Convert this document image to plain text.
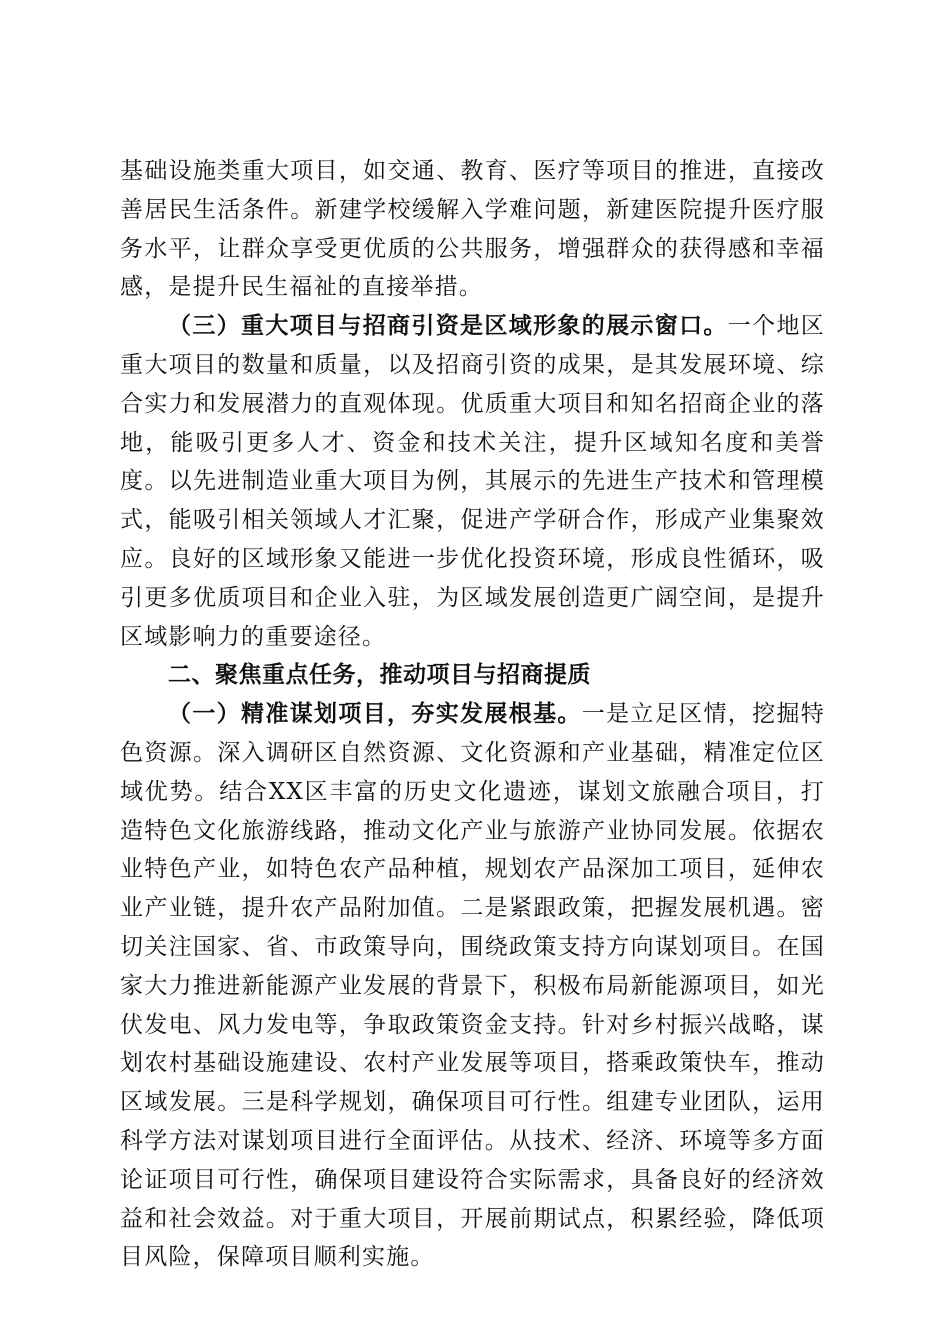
基础设施类重大项目，如交通、教育、医疗等项目的推进，直接改善居民生活条件。新建学校缓解入学难问题，新建医院提升医疗服务水平，让群众享受更优质的公共服务，增强群众的获得感和幸福感，是提升民生福祉的直接举措。

（三）重大项目与招商引资是区域形象的展示窗口。一个地区重大项目的数量和质量，以及招商引资的成果，是其发展环境、综合实力和发展潜力的直观体现。优质重大项目和知名招商企业的落地，能吸引更多人才、资金和技术关注，提升区域知名度和美誉度。以先进制造业重大项目为例，其展示的先进生产技术和管理模式，能吸引相关领域人才汇聚，促进产学研合作，形成产业集聚效应。良好的区域形象又能进一步优化投资环境，形成良性循环，吸引更多优质项目和企业入驻，为区域发展创造更广阔空间，是提升区域影响力的重要途径。

二、聚焦重点任务，推动项目与招商提质

（一）精准谋划项目，夯实发展根基。一是立足区情，挖掘特色资源。深入调研区自然资源、文化资源和产业基础，精准定位区域优势。结合XX区丰富的历史文化遗迹，谋划文旅融合项目，打造特色文化旅游线路，推动文化产业与旅游产业协同发展。依据农业特色产业，如特色农产品种植，规划农产品深加工项目，延伸农业产业链，提升农产品附加值。二是紧跟政策，把握发展机遇。密切关注国家、省、市政策导向，围绕政策支持方向谋划项目。在国家大力推进新能源产业发展的背景下，积极布局新能源项目，如光伏发电、风力发电等，争取政策资金支持。针对乡村振兴战略，谋划农村基础设施建设、农村产业发展等项目，搭乘政策快车，推动区域发展。三是科学规划，确保项目可行性。组建专业团队，运用科学方法对谋划项目进行全面评估。从技术、经济、环境等多方面论证项目可行性，确保项目建设符合实际需求，具备良好的经济效益和社会效益。对于重大项目，开展前期试点，积累经验，降低项目风险，保障项目顺利实施。
